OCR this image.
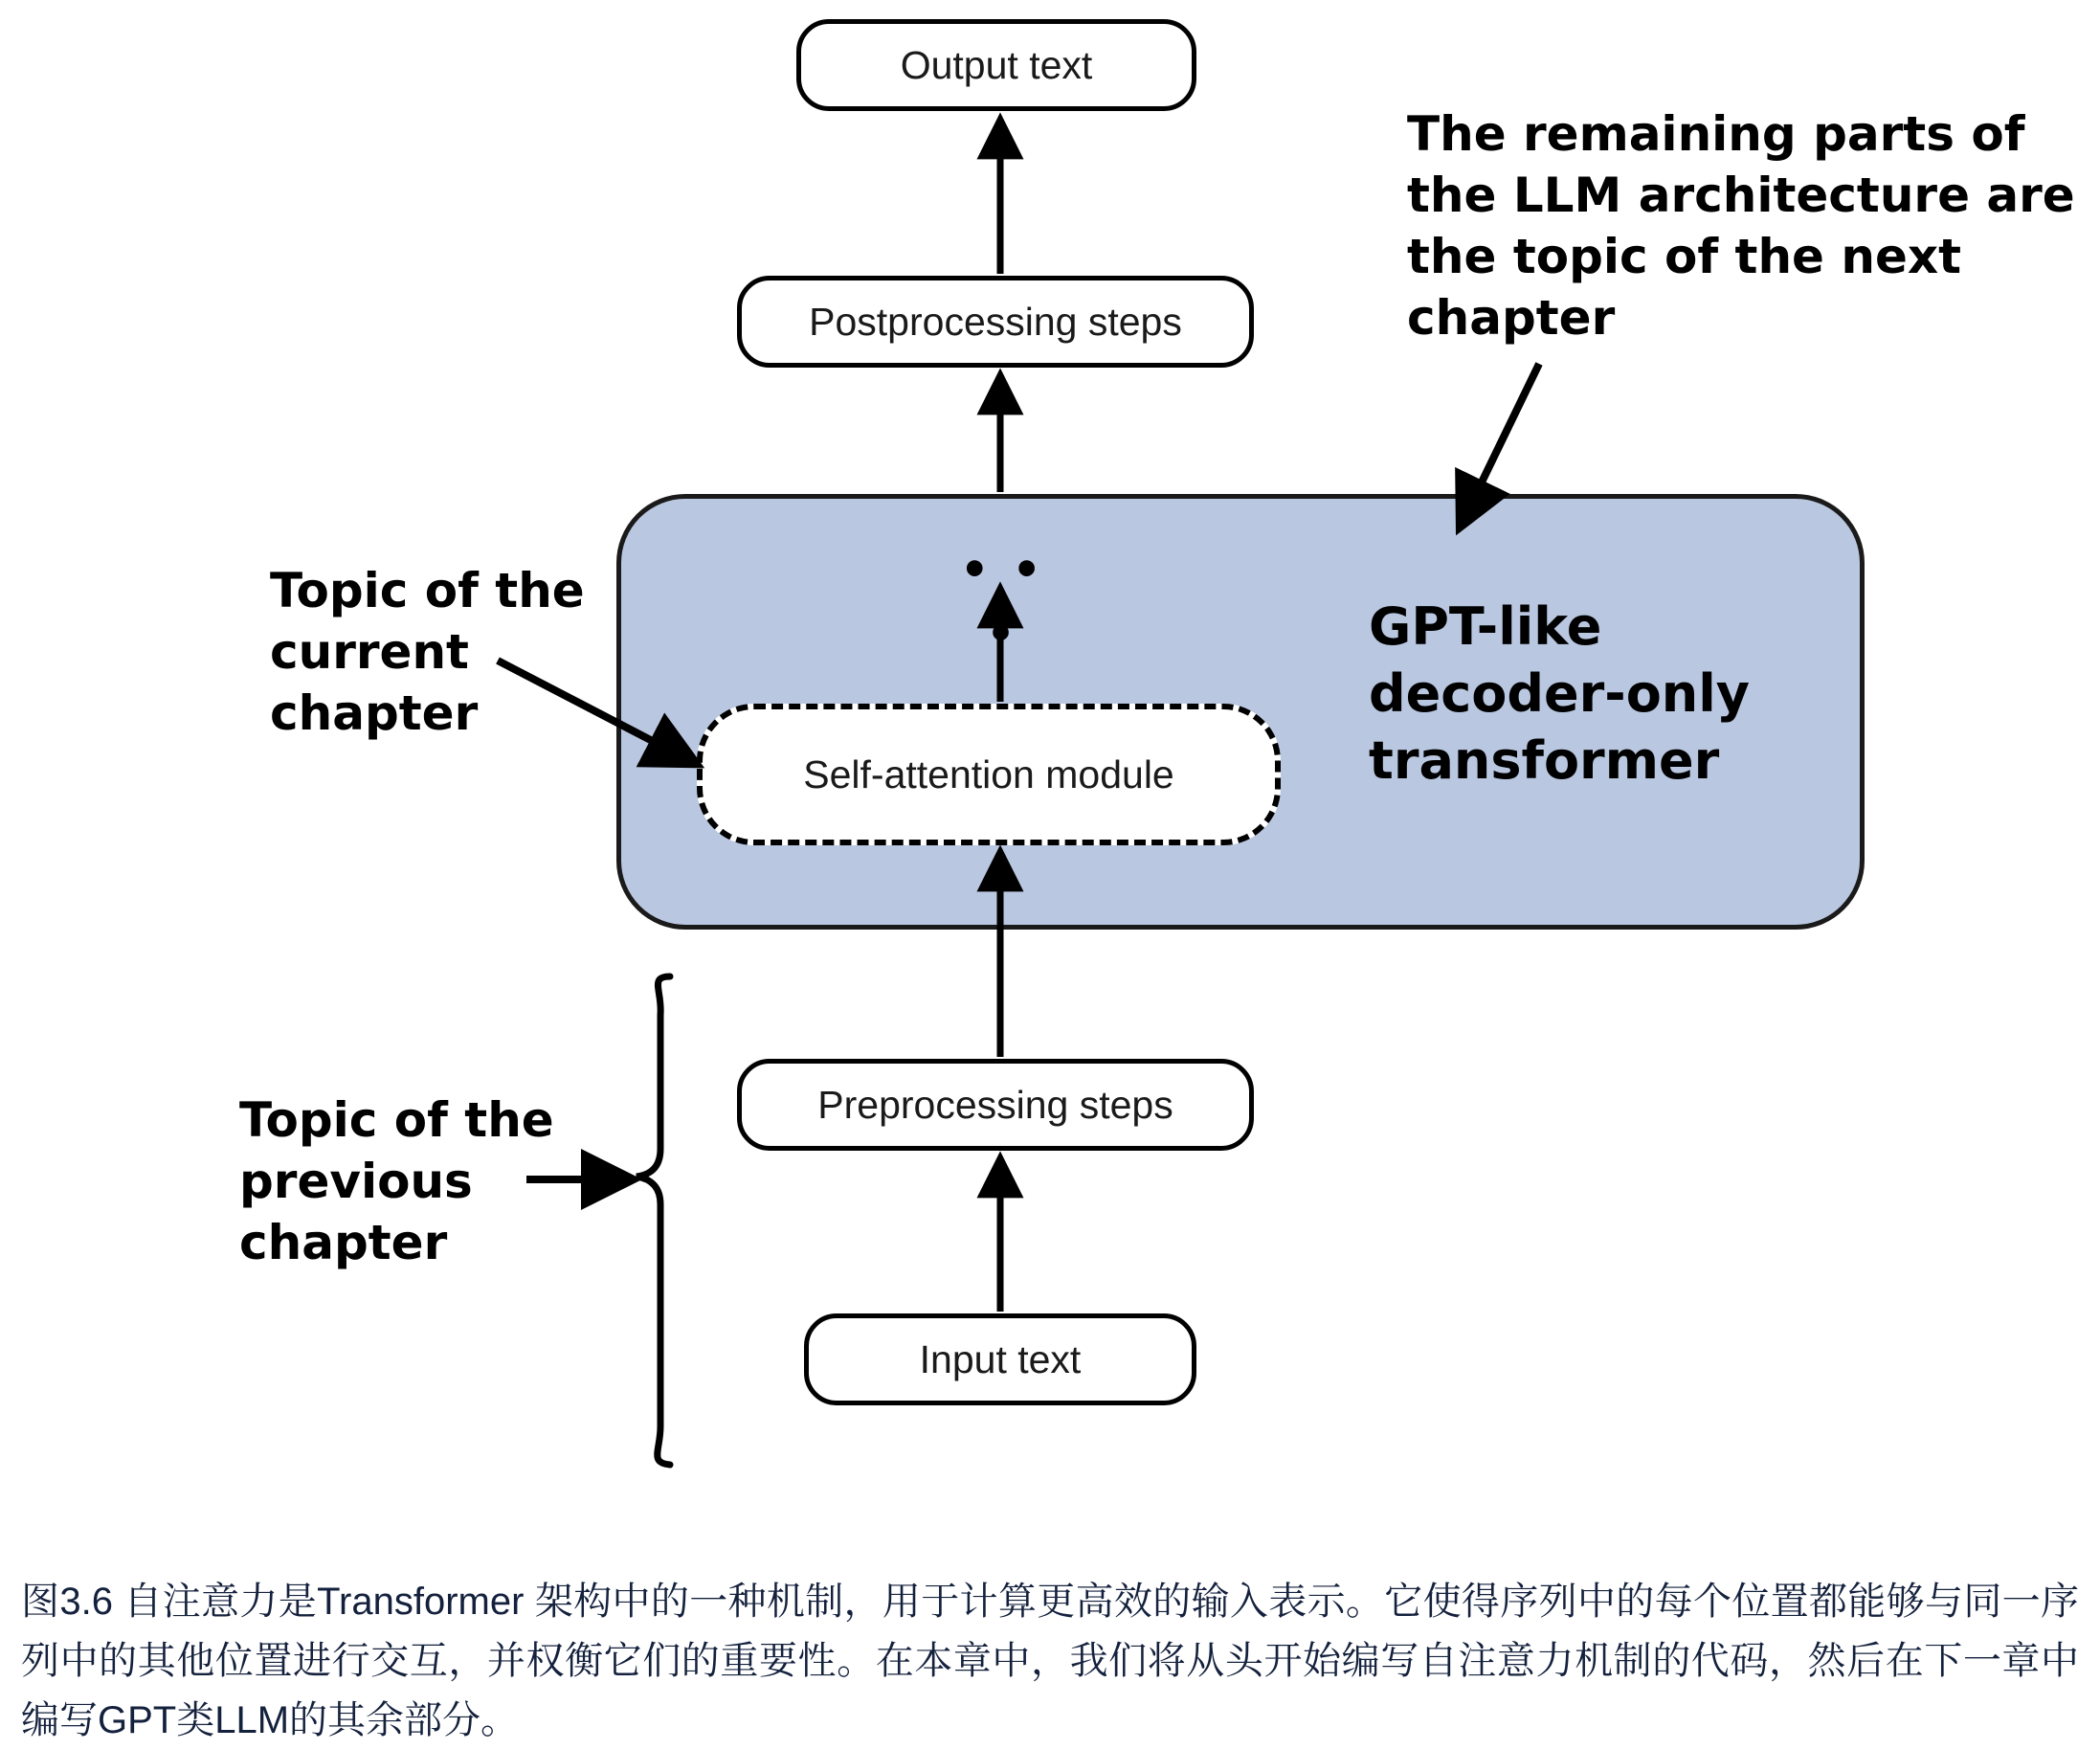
Output text
Postprocessing steps
• • •
Self-attention module
GPT-like
decoder-only
transformer
Preprocessing steps
Input text
The remaining parts of the LLM architecture are the topic of the next chapter
Topic of the current chapter
Topic of the previous chapter
图3.6 自注意力是Transformer 架构中的一种机制，用于计算更高效的输入表示。它使得序列中的每个位置都能够与同一序列中的其他位置进行交互，并权衡它们的重要性。在本章中，我们将从头开始编写自注意力机制的代码，然后在下一章中编写GPT类LLM的其余部分。
